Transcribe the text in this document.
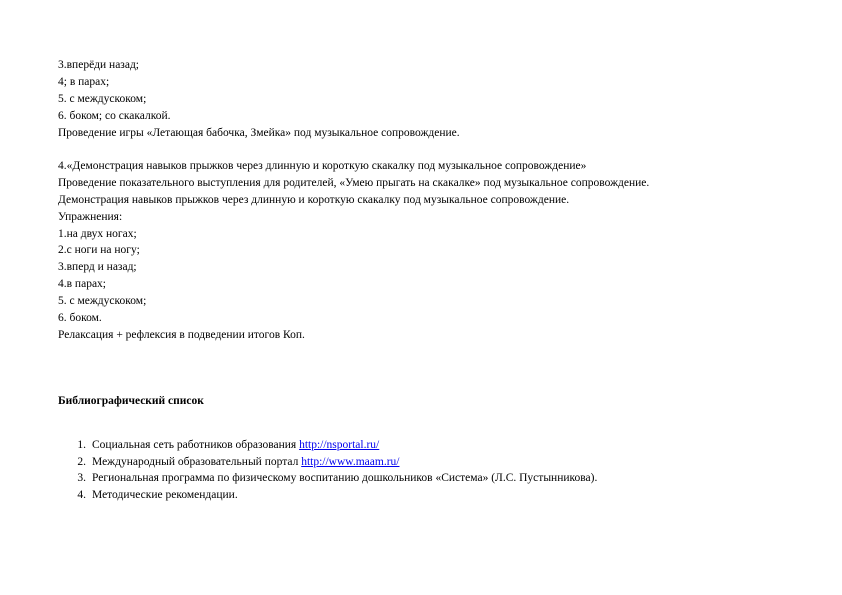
3.вперёди назад;
4; в парах;
5. с междускоком;
6. боком; со скакалкой.
Проведение игры «Летающая бабочка, Змейка» под музыкальное сопровождение.
4.«Демонстрация навыков прыжков через длинную и короткую скакалку под музыкальное сопровождение»
Проведение показательного выступления для родителей, «Умею прыгать на скакалке» под музыкальное сопровождение.
Демонстрация навыков прыжков через длинную и короткую скакалку под музыкальное сопровождение.
Упражнения:
1.на двух ногах;
2.с ноги на ногу;
3.вперд и назад;
4.в парах;
5. с междускоком;
6. боком.
Релаксация + рефлексия в подведении итогов Коп.
Библиографический список
1. Социальная сеть работников образования http://nsportal.ru/
2. Международный образовательный портал http://www.maam.ru/
3. Региональная программа по физическому воспитанию дошкольников «Система» (Л.С. Пустынникова).
4. Методические рекомендации.
